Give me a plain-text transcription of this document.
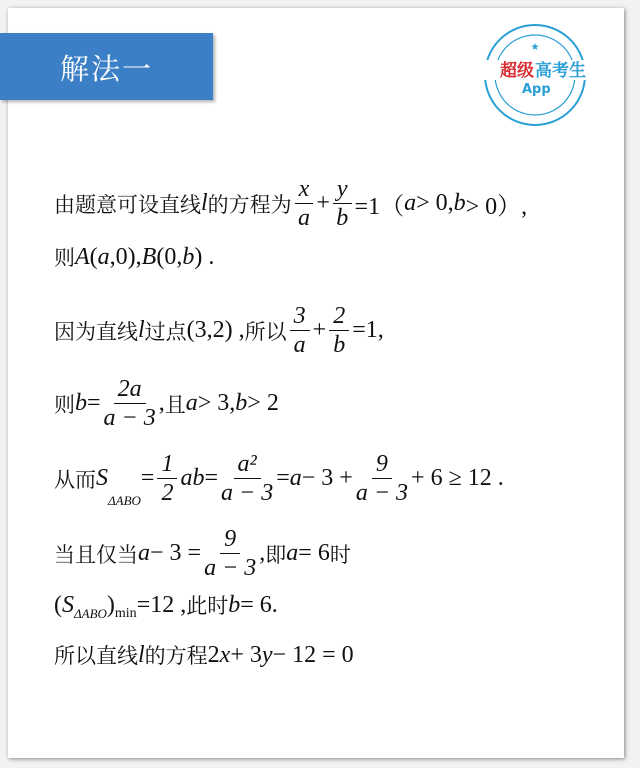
解法一	超级 高考生
App
★
由题意可设直线 l 的方程为 $\frac{x}{a} + \frac{y}{b} =1$（ a > 0, b > 0）,
则 A ( a ,0), B (0, b ) .
因为直线 l 过点 (3,2) , 所以 $\frac{3}{a} + \frac{2}{b} =1$,
则 $b = \frac{2a}{a - 3}$ , 且 a > 3, b > 2
从而 S
ΔABO
= $\frac{1}{2}$ ab = $\frac{\text{a²}}{a - 3} = a - 3 + \frac{9}{a - 3} + 6 \ge 12$ .
当且仅当 $a - 3 = \frac{9}{a - 3}$ , 即 a = 6 时
( S ΔABO ) min =12 , 此时 b = 6.
所以直线 l 的方程 2 x + 3 y − 12 = 0
